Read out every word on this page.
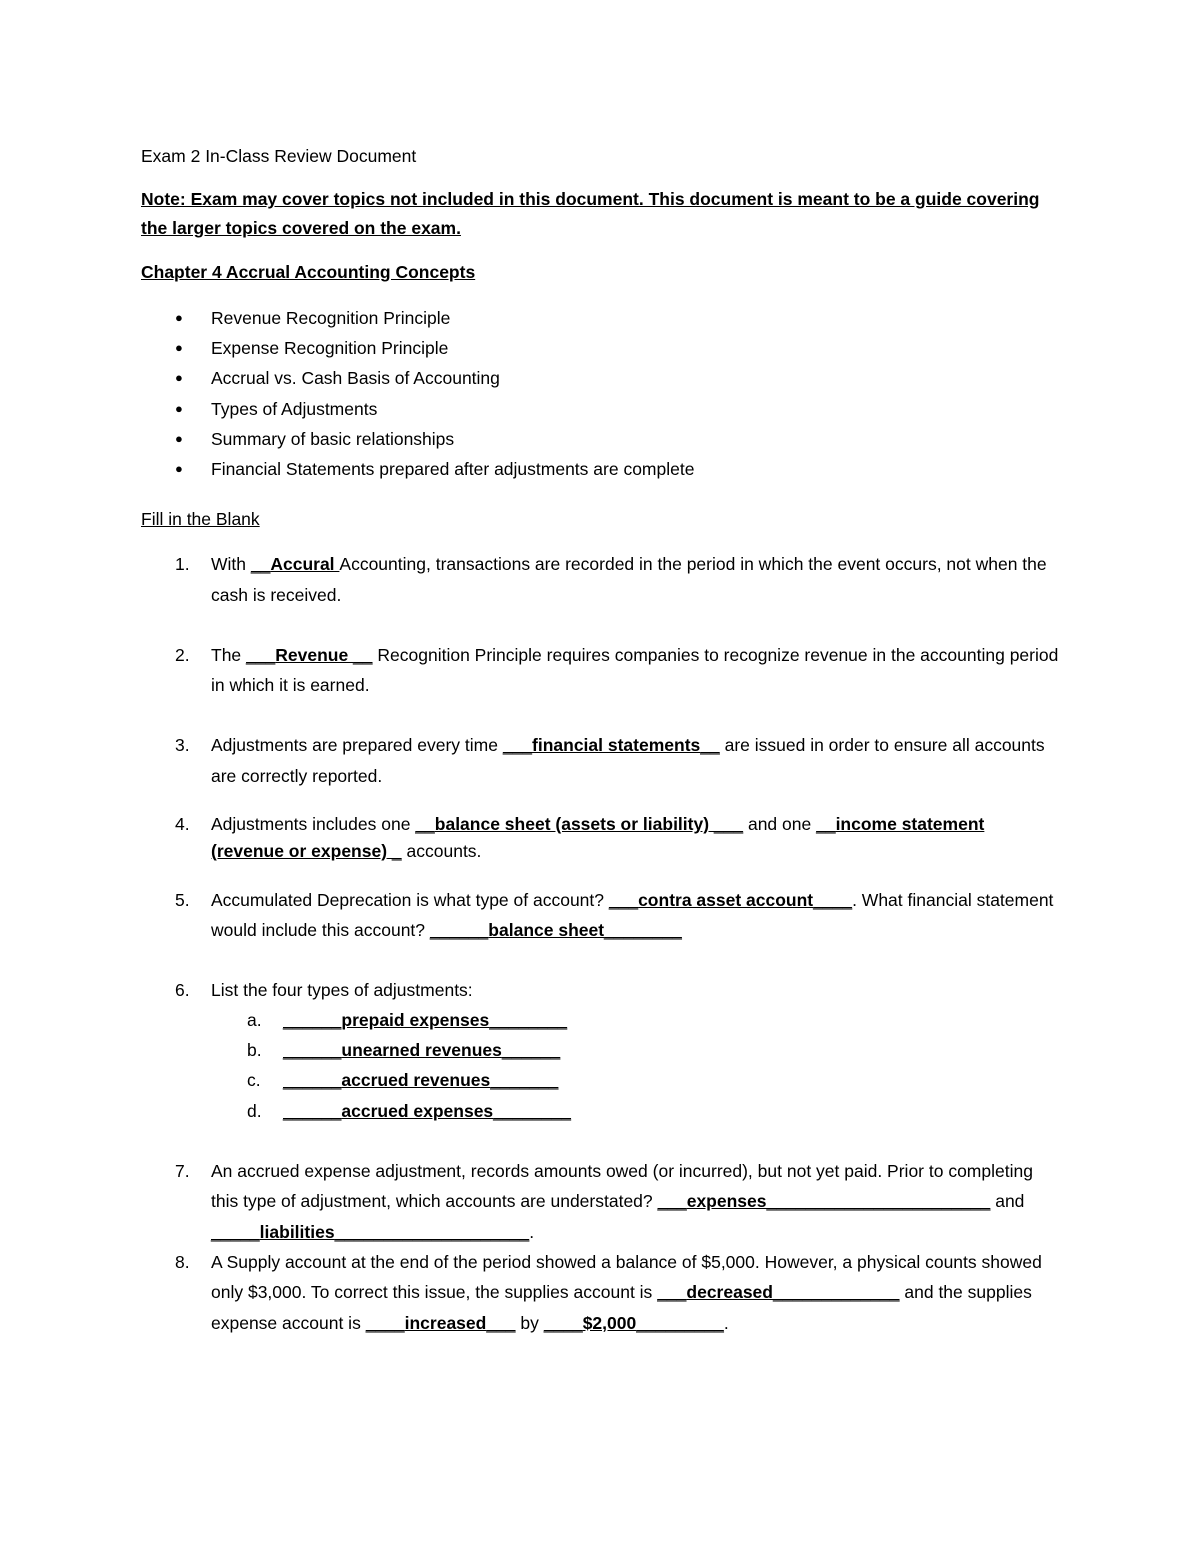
Exam 2 In-Class Review Document

Note: Exam may cover topics not included in this document. This document is meant to be a guide covering the larger topics covered on the exam.

Chapter 4 Accrual Accounting Concepts

● Revenue Recognition Principle
● Expense Recognition Principle
● Accrual vs. Cash Basis of Accounting
● Types of Adjustments
● Summary of basic relationships
● Financial Statements prepared after adjustments are complete

Fill in the Blank

1. With __Accural Accounting, transactions are recorded in the period in which the event occurs, not when the cash is received.
2. The ___Revenue __ Recognition Principle requires companies to recognize revenue in the accounting period in which it is earned.
3. Adjustments are prepared every time ___financial statements__ are issued in order to ensure all accounts are correctly reported.
4. Adjustments includes one __balance sheet (assets or liability) ___ and one __income statement (revenue or expense) _ accounts.
5. Accumulated Deprecation is what type of account? ___contra asset account____. What financial statement would include this account? ______balance sheet________
6. List the four types of adjustments:
a. ______prepaid expenses________
b. ______unearned revenues______
c. ______accrued revenues_______
d. ______accrued expenses________
7. An accrued expense adjustment, records amounts owed (or incurred), but not yet paid. Prior to completing this type of adjustment, which accounts are understated? ___expenses_______________________ and _____liabilities____________________.
8. A Supply account at the end of the period showed a balance of $5,000. However, a physical counts showed only $3,000. To correct this issue, the supplies account is ___decreased_____________ and the supplies expense account is ____increased___ by ____$2,000_________.
